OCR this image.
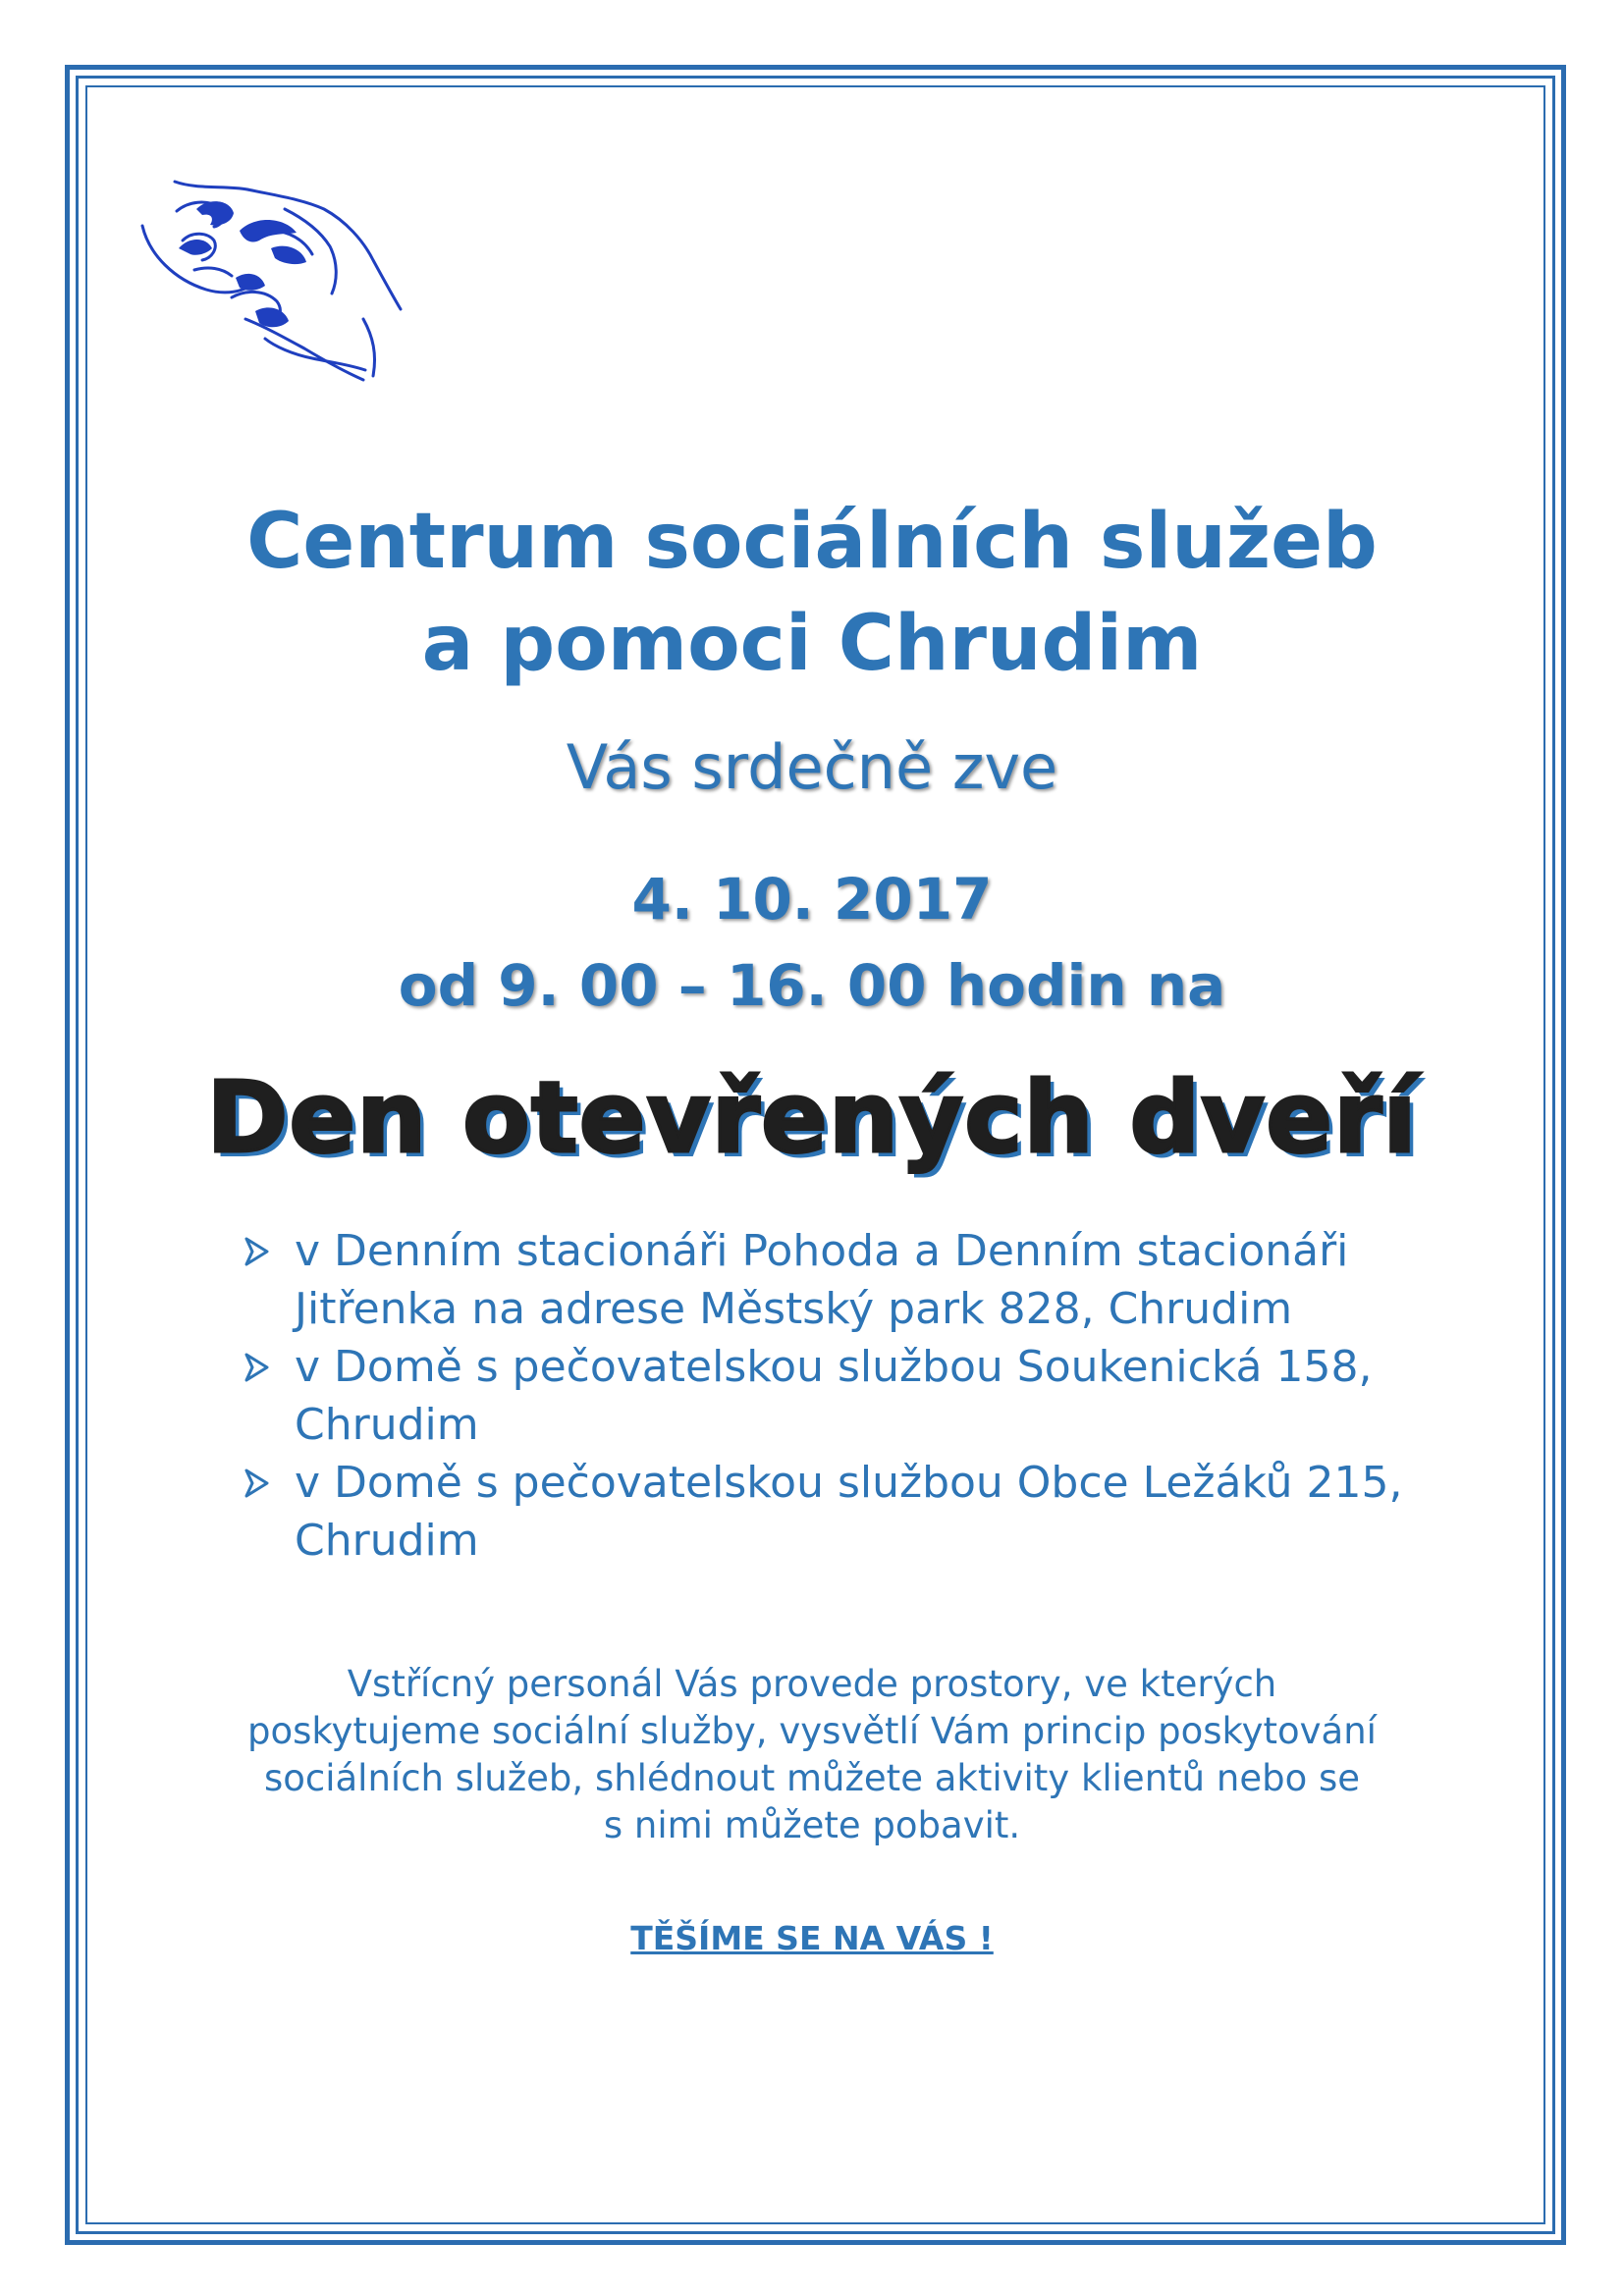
Centrum sociálních služeb
a pomoci Chrudim
Vás srdečně zve
4. 10. 2017
od 9. 00 – 16. 00 hodin na
Den otevřených dveří
v Denním stacionáři Pohoda a Denním stacionáři
Jitřenka na adrese Městský park 828, Chrudim
v Domě s pečovatelskou službou Soukenická 158,
Chrudim
v Domě s pečovatelskou službou Obce Ležáků 215,
Chrudim

Vstřícný personál Vás provede prostory, ve kterých
poskytujeme sociální služby, vysvětlí Vám princip poskytování
sociálních služeb, shlédnout můžete aktivity klientů nebo se
s nimi můžete pobavit.

TĚŠÍME SE NA VÁS !
